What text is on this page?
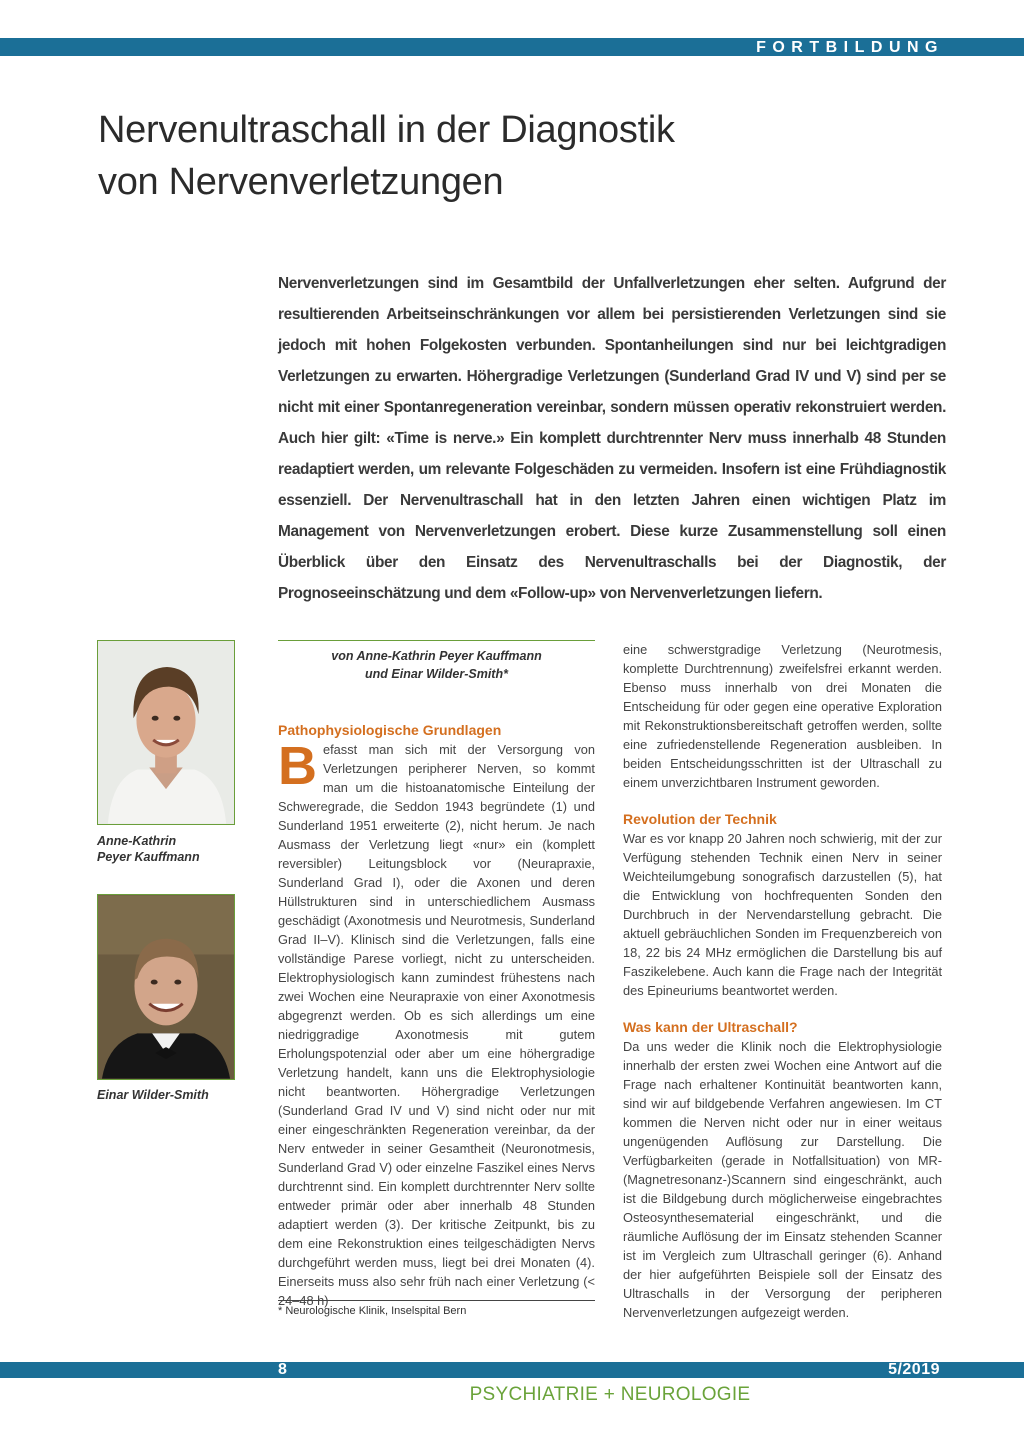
FORTBILDUNG
Nervenultraschall in der Diagnostik
von Nervenverletzungen

Nervenverletzungen sind im Gesamtbild der Unfallverletzungen eher selten. Aufgrund der resultierenden Arbeitseinschränkungen vor allem bei persistierenden Verletzungen sind sie jedoch mit hohen Folgekosten verbunden. Spontanheilungen sind nur bei leichtgradigen Verletzungen zu erwarten. Höhergradige Verletzungen (Sunderland Grad IV und V) sind per se nicht mit einer Spontanregeneration vereinbar, sondern müssen operativ rekonstruiert werden. Auch hier gilt: «Time is nerve.» Ein komplett durchtrennter Nerv muss innerhalb 48 Stunden readaptiert werden, um relevante Folgeschäden zu vermeiden. Insofern ist eine Frühdiagnostik essenziell. Der Nervenultraschall hat in den letzten Jahren einen wichtigen Platz im Management von Nervenverletzungen erobert. Diese kurze Zusammenstellung soll einen Überblick über den Einsatz des Nervenultraschalls bei der Diagnostik, der Prognoseeinschätzung und dem «Follow-up» von Nervenverletzungen liefern.

Anne-Kathrin
Peyer Kauffmann
Einar Wilder-Smith
von Anne-Kathrin Peyer Kauffmann
und Einar Wilder-Smith*
Pathophysiologische Grundlagen

Befasst man sich mit der Versorgung von Verletzungen peripherer Nerven, so kommt man um die histoanatomische Einteilung der Schweregrade, die Seddon 1943 begründete (1) und Sunderland 1951 erweiterte (2), nicht herum. Je nach Ausmass der Verletzung liegt «nur» ein (komplett reversibler) Leitungsblock vor (Neurapraxie, Sunderland Grad I), oder die Axonen und deren Hüllstrukturen sind in unterschiedlichem Ausmass geschädigt (Axonotmesis und Neurotmesis, Sunderland Grad II–V). Klinisch sind die Verletzungen, falls eine vollständige Parese vorliegt, nicht zu unterscheiden. Elektrophysiologisch kann zumindest frühestens nach zwei Wochen eine Neurapraxie von einer Axonotmesis abgegrenzt werden. Ob es sich allerdings um eine niedriggradige Axonotmesis mit gutem Erholungspotenzial oder aber um eine höhergradige Verletzung handelt, kann uns die Elektrophysiologie nicht beantworten. Höhergradige Verletzungen (Sunderland Grad IV und V) sind nicht oder nur mit einer eingeschränkten Regeneration vereinbar, da der Nerv entweder in seiner Gesamtheit (Neuronotmesis, Sunderland Grad V) oder einzelne Faszikel eines Nervs durchtrennt sind. Ein komplett durchtrennter Nerv sollte entweder primär oder aber innerhalb 48 Stunden adaptiert werden (3). Der kritische Zeitpunkt, bis zu dem eine Rekonstruktion eines teilgeschädigten Nervs durchgeführt werden muss, liegt bei drei Monaten (4). Einerseits muss also sehr früh nach einer Verletzung (< 24–48 h)

eine schwerstgradige Verletzung (Neurotmesis, komplette Durchtrennung) zweifelsfrei erkannt werden. Ebenso muss innerhalb von drei Monaten die Entscheidung für oder gegen eine operative Exploration mit Rekonstruktionsbereitschaft getroffen werden, sollte eine zufriedenstellende Regeneration ausbleiben. In beiden Entscheidungsschritten ist der Ultraschall zu einem unverzichtbaren Instrument geworden.

Revolution der Technik

War es vor knapp 20 Jahren noch schwierig, mit der zur Verfügung stehenden Technik einen Nerv in seiner Weichteilumgebung sonografisch darzustellen (5), hat die Entwicklung von hochfrequenten Sonden den Durchbruch in der Nervendarstellung gebracht. Die aktuell gebräuchlichen Sonden im Frequenzbereich von 18, 22 bis 24 MHz ermöglichen die Darstellung bis auf Faszikelebene. Auch kann die Frage nach der Integrität des Epineuriums beantwortet werden.

Was kann der Ultraschall?

Da uns weder die Klinik noch die Elektrophysiologie innerhalb der ersten zwei Wochen eine Antwort auf die Frage nach erhaltener Kontinuität beantworten kann, sind wir auf bildgebende Verfahren angewiesen. Im CT kommen die Nerven nicht oder nur in einer weitaus ungenügenden Auflösung zur Darstellung. Die Verfügbarkeiten (gerade in Notfallsituation) von MR-(Magnetresonanz-)Scannern sind eingeschränkt, auch ist die Bildgebung durch möglicherweise eingebrachtes Osteosynthesematerial eingeschränkt, und die räumliche Auflösung der im Einsatz stehenden Scanner ist im Vergleich zum Ultraschall geringer (6). Anhand der hier aufgeführten Beispiele soll der Einsatz des Ultraschalls in der Versorgung der peripheren Nervenverletzungen aufgezeigt werden.

* Neurologische Klinik, Inselspital Bern
8	5/2019
PSYCHIATRIE + NEUROLOGIE
